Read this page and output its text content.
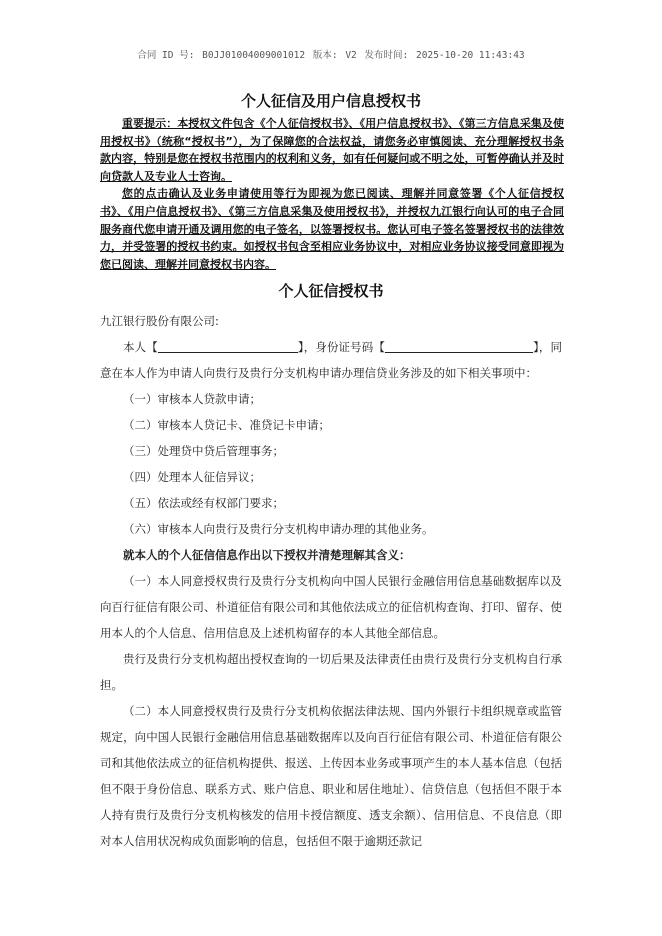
合同 ID 号: B0JJ01004009001012 版本: V2 发布时间: 2025-10-20 11:43:43
个人征信及用户信息授权书

重要提示：本授权文件包含《个人征信授权书》、《用户信息授权书》、《第三方信息采集及使用授权书》（统称“授权书”），为了保障您的合法权益，请您务必审慎阅读、充分理解授权书条款内容，特别是您在授权书范围内的权利和义务，如有任何疑问或不明之处，可暂停确认并及时向贷款人及专业人士咨询。

您的点击确认及业务申请使用等行为即视为您已阅读、理解并同意签署《个人征信授权书》、《用户信息授权书》、《第三方信息采集及使用授权书》，并授权九江银行向认可的电子合同服务商代您申请开通及调用您的电子签名，以签署授权书。您认可电子签名签署授权书的法律效力，并受签署的授权书约束。如授权书包含至相应业务协议中，对相应业务协议接受同意即视为您已阅读、理解并同意授权书内容。

个人征信授权书

九江银行股份有限公司:

本人【	】，身份证号码【	】，同意在本人作为申请人向贵行及贵行分支机构申请办理信贷业务涉及的如下相关事项中：

（一）审核本人贷款申请；

（二）审核本人贷记卡、准贷记卡申请；

（三）处理贷中贷后管理事务；

（四）处理本人征信异议；

（五）依法或经有权部门要求；

（六）审核本人向贵行及贵行分支机构申请办理的其他业务。

就本人的个人征信信息作出以下授权并清楚理解其含义：

（一）本人同意授权贵行及贵行分支机构向中国人民银行金融信用信息基础数据库以及向百行征信有限公司、朴道征信有限公司和其他依法成立的征信机构查询、打印、留存、使用本人的个人信息、信用信息及上述机构留存的本人其他全部信息。

贵行及贵行分支机构超出授权查询的一切后果及法律责任由贵行及贵行分支机构自行承担。

（二）本人同意授权贵行及贵行分支机构依据法律法规、国内外银行卡组织规章或监管规定，向中国人民银行金融信用信息基础数据库以及向百行征信有限公司、朴道征信有限公司和其他依法成立的征信机构提供、报送、上传因本业务或事项产生的本人基本信息（包括但不限于身份信息、联系方式、账户信息、职业和居住地址）、信贷信息（包括但不限于本人持有贵行及贵行分支机构核发的信用卡授信额度、透支余额）、信用信息、不良信息（即对本人信用状况构成负面影响的信息，包括但不限于逾期还款记
